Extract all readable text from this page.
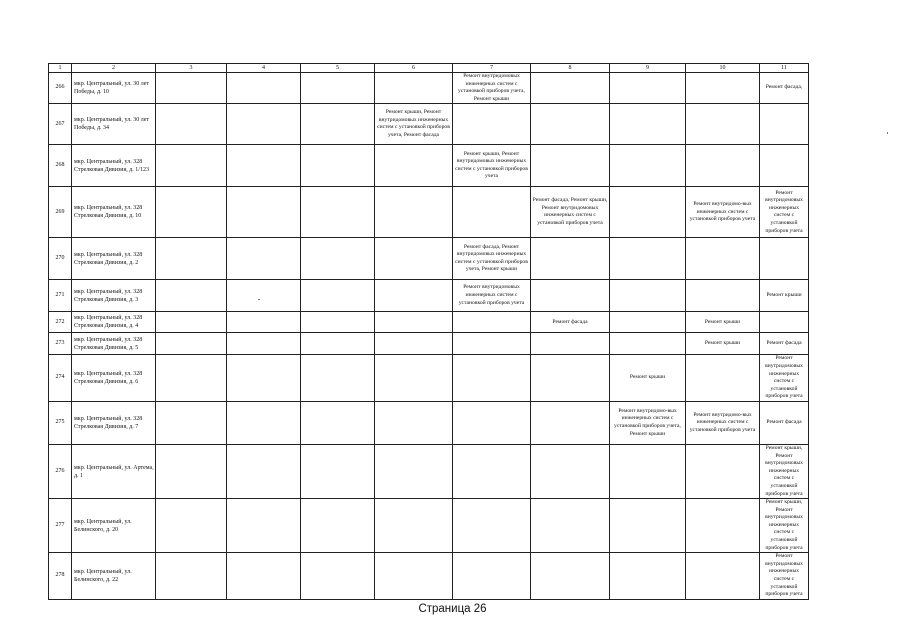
1	2	3	4	5	6	7	8	9	10	11
266	мкр. Центральный, ул. 30 лет Победы, д. 10					Ремонт внутридомовых инженерных систем с установкой приборов учета, Ремонт крыши				Ремонт фасада,
267	мкр. Центральный, ул. 30 лет Победы, д. 34				Ремонт крыши, Ремонт внутридомовых инженерных систем с установкой приборов учета, Ремонт фасада					
268	мкр. Центральный, ул. 328 Стрелковая Дивизия, д. 1/123					Ремонт крыши, Ремонт внутридомовых инженерных систем с установкой приборов учета				
269	мкр. Центральный, ул. 328 Стрелковая Дивизия, д. 10						Ремонт фасада, Ремонт крыши, Ремонт внутридомовых инженерных систем с установкой приборов учета		Ремонт внутридомо-вых инженерных систем с установкой приборов учета	Ремонт внутридомовых инженерных систем с установкой приборов учета
270	мкр. Центральный, ул. 328 Стрелковая Дивизия, д. 2					Ремонт фасада, Ремонт внутридомовых инженерных систем с установкой приборов учета, Ремонт крыши				
271	мкр. Центральный, ул. 328 Стрелковая Дивизия, д. 3					Ремонт внутридомовых инженерных систем с установкой приборов учета				Ремонт крыши
272	мкр. Центральный, ул. 328 Стрелковая Дивизия, д. 4						Ремонт фасада		Ремонт крыши	
273	мкр. Центральный, ул. 328 Стрелковая Дивизия, д. 5								Ремонт крыши	Ремонт фасада
274	мкр. Центральный, ул. 328 Стрелковая Дивизия, д. 6							Ремонт крыши		Ремонт внутридомовых инженерных систем с установкой приборов учета
275	мкр. Центральный, ул. 328 Стрелковая Дивизия, д. 7							Ремонт внутридомо-вых инженерных систем с установкой приборов учета, Ремонт крыши	Ремонт внутридомо-вых инженерных систем с установкой приборов учета	Ремонт фасада
276	мкр. Центральный, ул. Артема, д. 1									Ремонт крыши, Ремонт внутридомовых инженерных систем с установкой приборов учета
277	мкр. Центральный, ул. Белинского, д. 20									Ремонт крыши, Ремонт внутридомовых инженерных систем с установкой приборов учета
278	мкр. Центральный, ул. Белинского, д. 22									Ремонт внутридомовых инженерных систем с установкой приборов учета
Страница 26
